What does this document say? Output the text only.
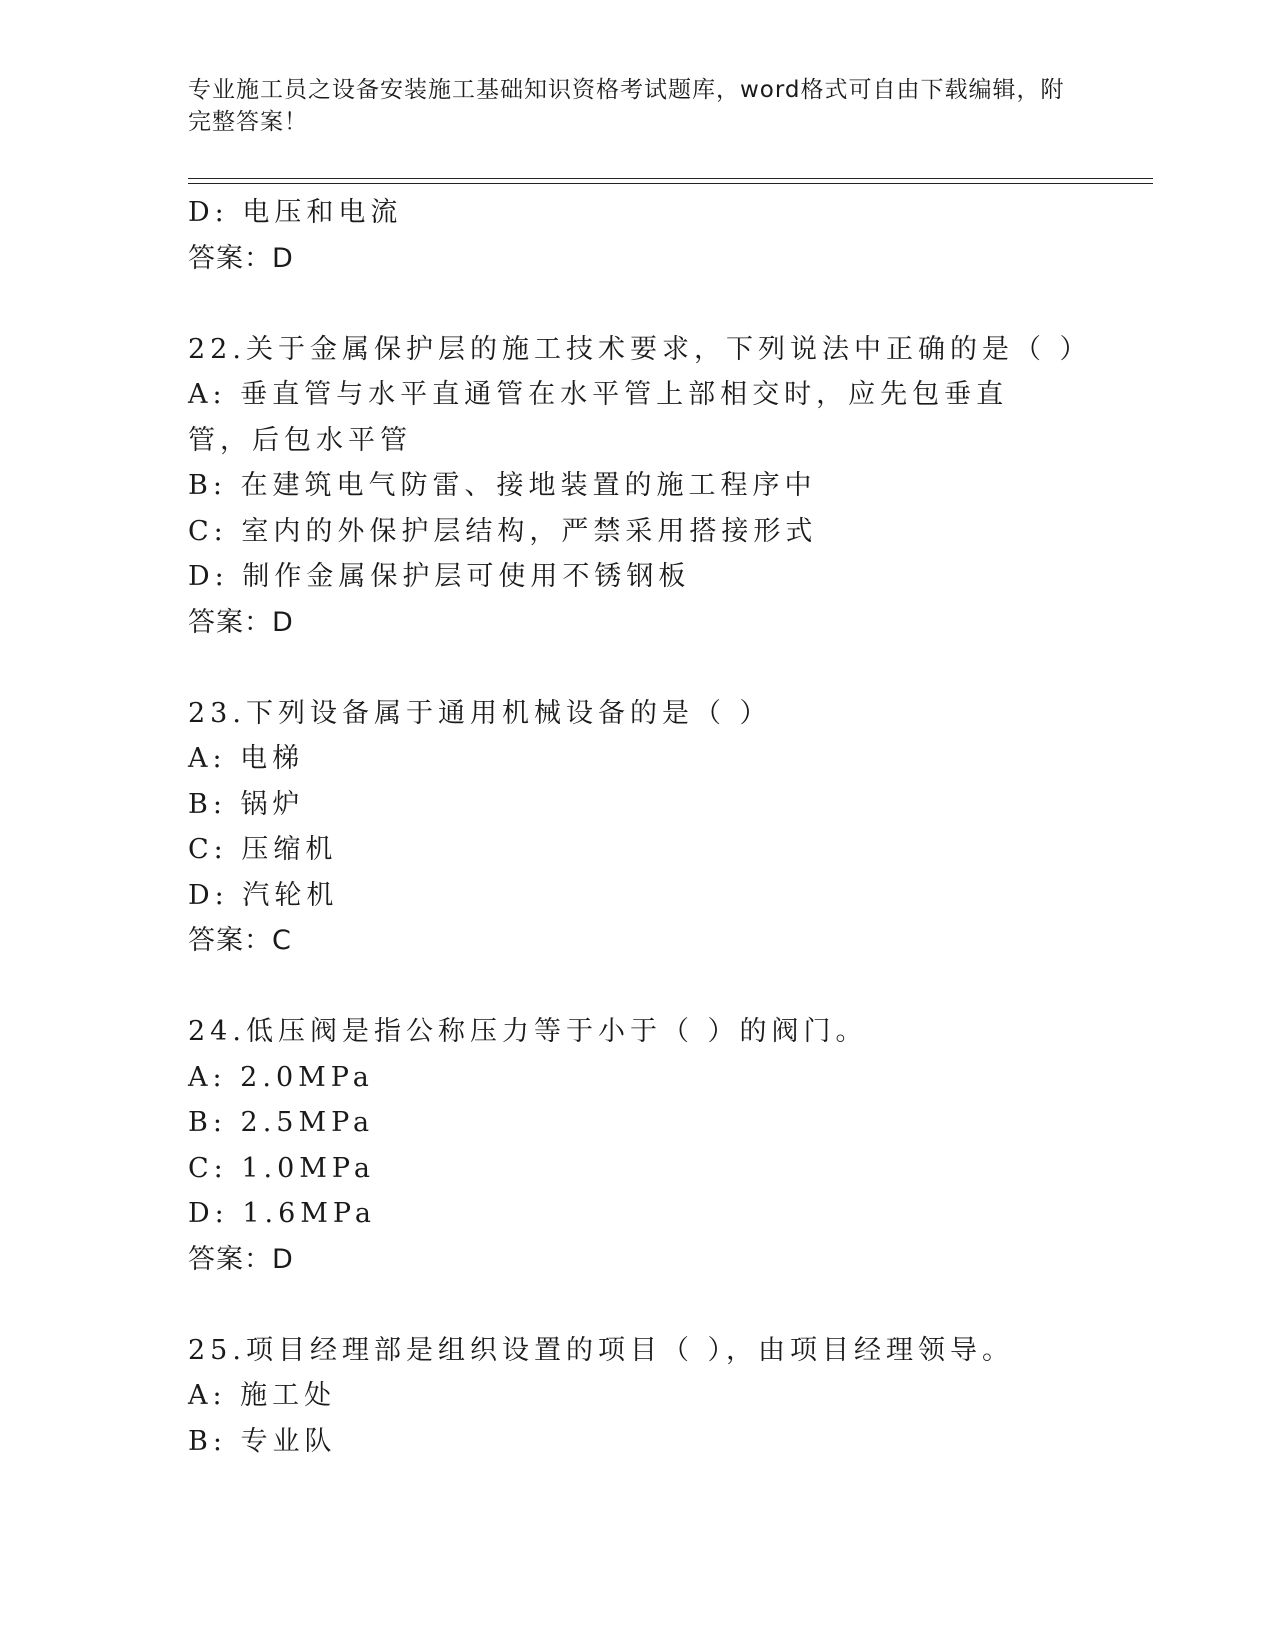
专业施工员之设备安装施工基础知识资格考试题库，word格式可自由下载编辑，附完整答案！
D: 电压和电流
答案：D
22.关于金属保护层的施工技术要求，下列说法中正确的是（ ）
A: 垂直管与水平直通管在水平管上部相交时，应先包垂直管，后包水平管
B: 在建筑电气防雷、接地装置的施工程序中
C: 室内的外保护层结构，严禁采用搭接形式
D: 制作金属保护层可使用不锈钢板
答案：D
23.下列设备属于通用机械设备的是（ ）
A: 电梯
B: 锅炉
C: 压缩机
D: 汽轮机
答案：C
24.低压阀是指公称压力等于小于（ ）的阀门。
A: 2.0MPa
B: 2.5MPa
C: 1.0MPa
D: 1.6MPa
答案：D
25.项目经理部是组织设置的项目（ ），由项目经理领导。
A: 施工处
B: 专业队
